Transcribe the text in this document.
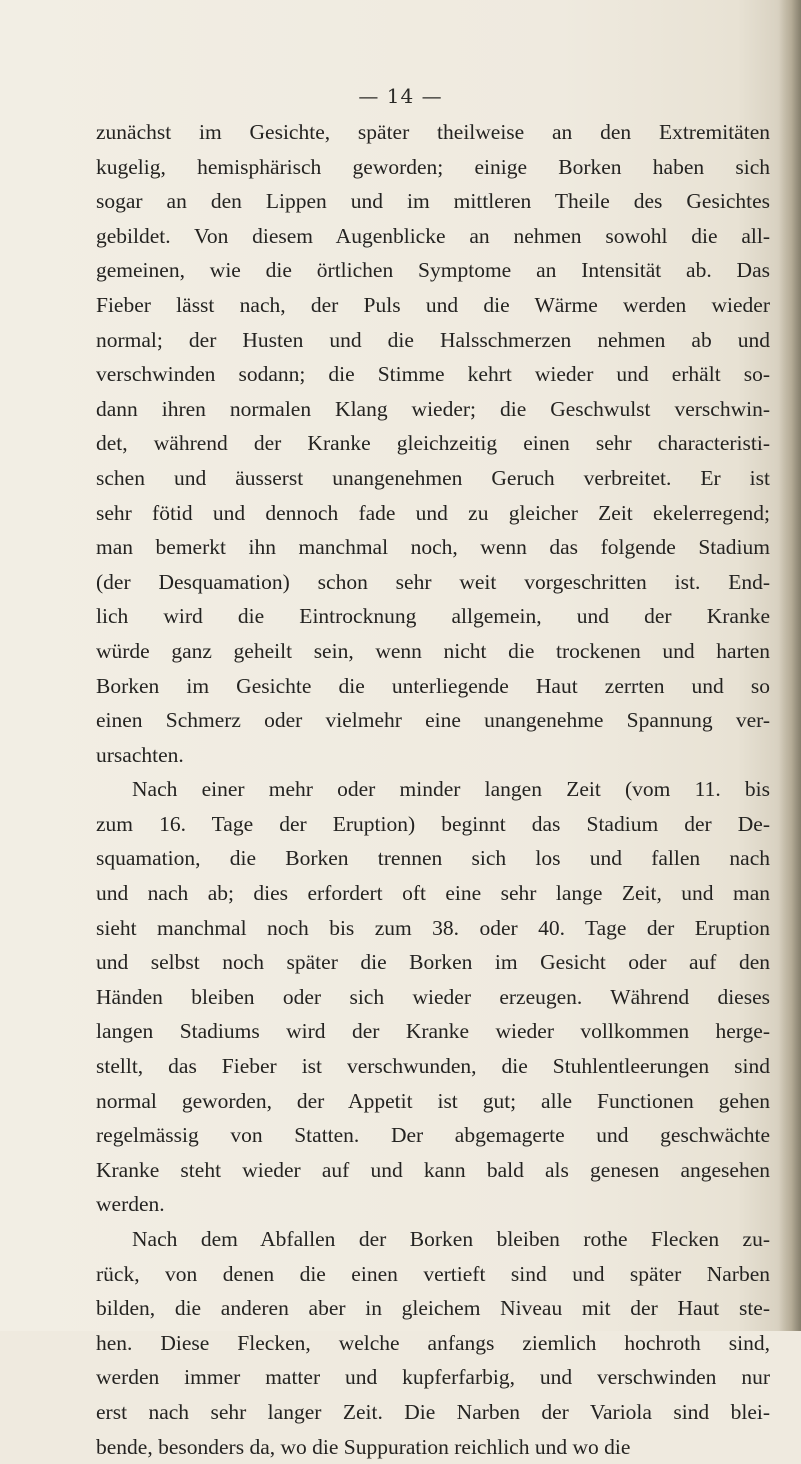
— 14 —
zunächst im Gesichte, später theilweise an den Extremitäten
kugelig, hemisphärisch geworden; einige Borken haben sich
sogar an den Lippen und im mittleren Theile des Gesichtes
gebildet. Von diesem Augenblicke an nehmen sowohl die all-
gemeinen, wie die örtlichen Symptome an Intensität ab. Das
Fieber lässt nach, der Puls und die Wärme werden wieder
normal; der Husten und die Halsschmerzen nehmen ab und
verschwinden sodann; die Stimme kehrt wieder und erhält so-
dann ihren normalen Klang wieder; die Geschwulst verschwin-
det, während der Kranke gleichzeitig einen sehr characteristi-
schen und äusserst unangenehmen Geruch verbreitet. Er ist
sehr fötid und dennoch fade und zu gleicher Zeit ekelerregend;
man bemerkt ihn manchmal noch, wenn das folgende Stadium
(der Desquamation) schon sehr weit vorgeschritten ist. End-
lich wird die Eintrocknung allgemein, und der Kranke
würde ganz geheilt sein, wenn nicht die trockenen und harten
Borken im Gesichte die unterliegende Haut zerrten und so
einen Schmerz oder vielmehr eine unangenehme Spannung ver-
ursachten.
Nach einer mehr oder minder langen Zeit (vom 11. bis
zum 16. Tage der Eruption) beginnt das Stadium der De-
squamation, die Borken trennen sich los und fallen nach
und nach ab; dies erfordert oft eine sehr lange Zeit, und man
sieht manchmal noch bis zum 38. oder 40. Tage der Eruption
und selbst noch später die Borken im Gesicht oder auf den
Händen bleiben oder sich wieder erzeugen. Während dieses
langen Stadiums wird der Kranke wieder vollkommen herge-
stellt, das Fieber ist verschwunden, die Stuhlentleerungen sind
normal geworden, der Appetit ist gut; alle Functionen gehen
regelmässig von Statten. Der abgemagerte und geschwächte
Kranke steht wieder auf und kann bald als genesen angesehen
werden.
Nach dem Abfallen der Borken bleiben rothe Flecken zu-
rück, von denen die einen vertieft sind und später Narben
bilden, die anderen aber in gleichem Niveau mit der Haut ste-
hen. Diese Flecken, welche anfangs ziemlich hochroth sind,
werden immer matter und kupferfarbig, und verschwinden nur
erst nach sehr langer Zeit. Die Narben der Variola sind blei-
bende, besonders da, wo die Suppuration reichlich und wo die
